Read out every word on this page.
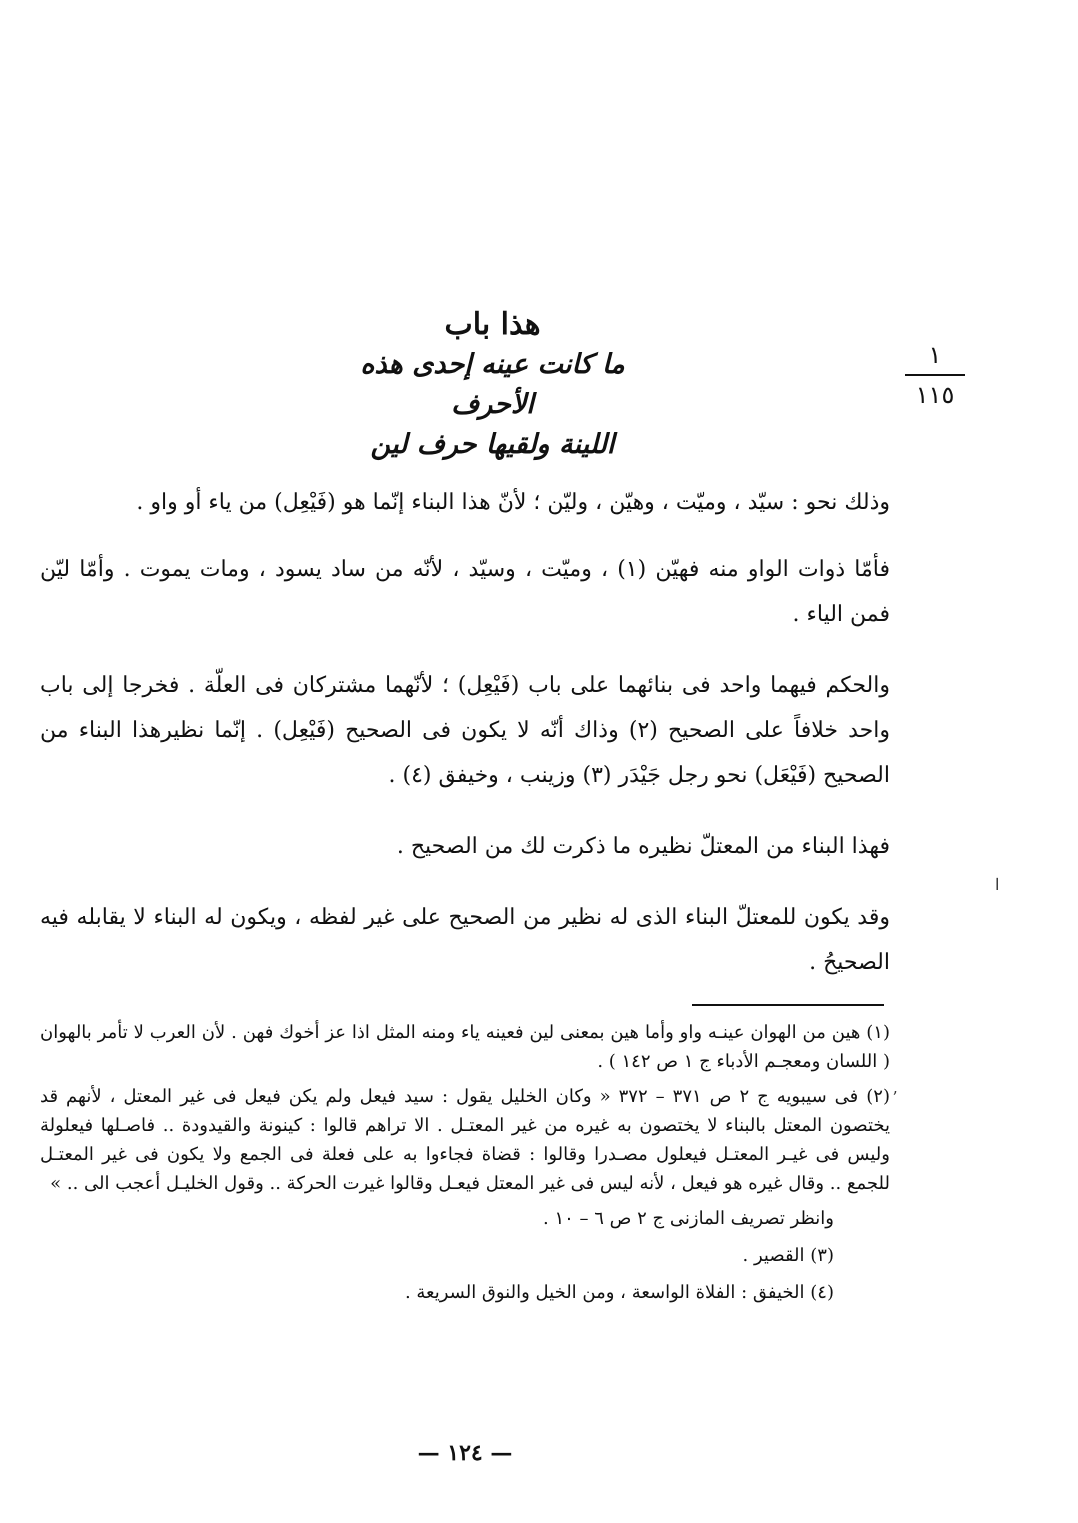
هذا باب
ما كانت عينه إحدى هذه الأحرف
اللينة ولقيها حرف لين
١
١١٥

وذلك نحو : سيّد ، وميّت ، وهيّن ، وليّن ؛ لأنّ هذا البناء إنّما هو (فَيْعِل) من ياء أو واو .

فأمّا ذوات الواو منه فهيّن (١) ، وميّت ، وسيّد ، لأنّه من ساد يسود ، ومات يموت . وأمّا ليّن فمن الياء .

والحكم فيهما واحد فى بنائهما على باب (فَيْعِل) ؛ لأنّهما مشتركان فى العلّة . فخرجا إلى باب واحد خلافاً على الصحيح (٢) وذاك أنّه لا يكون فى الصحيح (فَيْعِل) . إنّما نظيرهذا البناء من الصحيح (فَيْعَل) نحو رجل جَيْدَر (٣) وزينب ، وخيفق (٤) .

فهذا البناء من المعتلّ نظيره ما ذكرت لك من الصحيح .

وقد يكون للمعتلّ البناء الذى له نظير من الصحيح على غير لفظه ، ويكون له البناء لا يقابله فيه الصحيحُ .

(١) هين من الهوان عينـه واو وأما هين بمعنى لين فعينه ياء ومنه المثل اذا عز أخوك فهن . لأن العرب لا تأمر بالهوان ( اللسان ومعجـم الأدباء ج ١ ص ١٤٢ ) .

(٢) فى سيبويه ج ٢ ص ٣٧١ – ٣٧٢ « وكان الخليل يقول : سيد فيعل ولم يكن فيعل فى غير المعتل ، لأنهم قد يختصون المعتل بالبناء لا يختصون به غيره من غير المعتـل . الا تراهم قالوا : كينونة والقيدودة .. فاصـلها فيعلولة وليس فى غيـر المعتـل فيعلول مصـدرا وقالوا : قضاة فجاءوا به على فعلة فى الجمع ولا يكون فى غير المعتـل للجمع .. وقال غيره هو فيعل ، لأنه ليس فى غير المعتل فيعـل وقالوا غيرت الحركة .. وقول الخليـل أعجب الى .. »

وانظر تصريف المازنى ج ٢ ص ٦ – ١٠ .

(٣) القصير .

(٤) الخيفق : الفلاة الواسعة ، ومن الخيل والنوق السريعة .

— ١٢٤ —
ا
ʼ
